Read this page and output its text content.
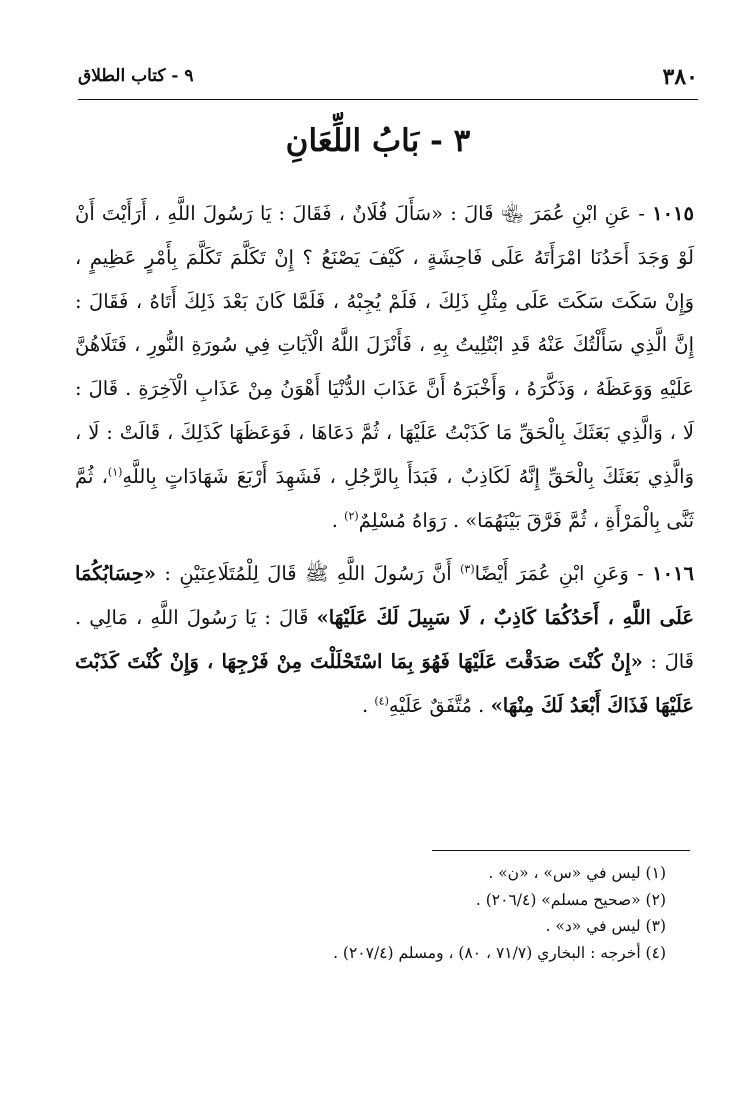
٣٨٠
٩ - كتاب الطلاق
٣ - بَابُ اللِّعَانِ

١٠١٥ - عَنِ ابْنِ عُمَرَ ﵄ قَالَ : «سَأَلَ فُلَانٌ ، فَقَالَ : يَا رَسُولَ اللَّهِ ، أَرَأَيْتَ أَنْ لَوْ وَجَدَ أَحَدُنَا امْرَأَتَهُ عَلَى فَاحِشَةٍ ، كَيْفَ يَصْنَعُ ؟ إِنْ تَكَلَّمَ تَكَلَّمَ بِأَمْرٍ عَظِيمٍ ، وَإِنْ سَكَتَ سَكَتَ عَلَى مِثْلِ ذَلِكَ ، فَلَمْ يُجِبْهُ ، فَلَمَّا كَانَ بَعْدَ ذَلِكَ أَتَاهُ ، فَقَالَ : إِنَّ الَّذِي سَأَلْتُكَ عَنْهُ قَدِ ابْتُلِيتُ بِهِ ، فَأَنْزَلَ اللَّهُ الْآيَاتِ فِي سُورَةِ النُّورِ ، فَتَلَاهُنَّ عَلَيْهِ وَوَعَظَهُ ، وَذَكَّرَهُ ، وَأَخْبَرَهُ أَنَّ عَذَابَ الدُّنْيَا أَهْوَنُ مِنْ عَذَابِ الْآخِرَةِ . قَالَ : لَا ، وَالَّذِي بَعَثَكَ بِالْحَقِّ مَا كَذَبْتُ عَلَيْهَا ، ثُمَّ دَعَاهَا ، فَوَعَظَهَا كَذَلِكَ ، قَالَتْ : لَا ، وَالَّذِي بَعَثَكَ بِالْحَقِّ إِنَّهُ لَكَاذِبٌ ، فَبَدَأَ بِالرَّجُلِ ، فَشَهِدَ أَرْبَعَ شَهَادَاتٍ بِاللَّهِ$^{(١)}$، ثُمَّ ثَنَّى بِالْمَرْأَةِ ، ثُمَّ فَرَّقَ بَيْنَهُمَا» . رَوَاهُ مُسْلِمٌ$^{(٢)}$ .

١٠١٦ - وَعَنِ ابْنِ عُمَرَ أَيْضًا$^{(٣)}$ أَنَّ رَسُولَ اللَّهِ ﷺ قَالَ لِلْمُتَلَاعِنَيْنِ : «حِسَابُكُمَا عَلَى اللَّهِ ، أَحَدُكُمَا كَاذِبٌ ، لَا سَبِيلَ لَكَ عَلَيْهَا» قَالَ : يَا رَسُولَ اللَّهِ ، مَالِي . قَالَ : «إِنْ كُنْتَ صَدَقْتَ عَلَيْهَا فَهُوَ بِمَا اسْتَحْلَلْتَ مِنْ فَرْجِهَا ، وَإِنْ كُنْتَ كَذَبْتَ عَلَيْهَا فَذَاكَ أَبْعَدُ لَكَ مِنْهَا» . مُتَّفَقٌ عَلَيْهِ$^{(٤)}$ .

(١) ليس في «س» ، «ن» .

(٢) «صحيح مسلم» (٢٠٦/٤) .

(٣) ليس في «د» .

(٤) أخرجه : البخاري (٧١/٧ ، ٨٠) ، ومسلم (٢٠٧/٤) .
